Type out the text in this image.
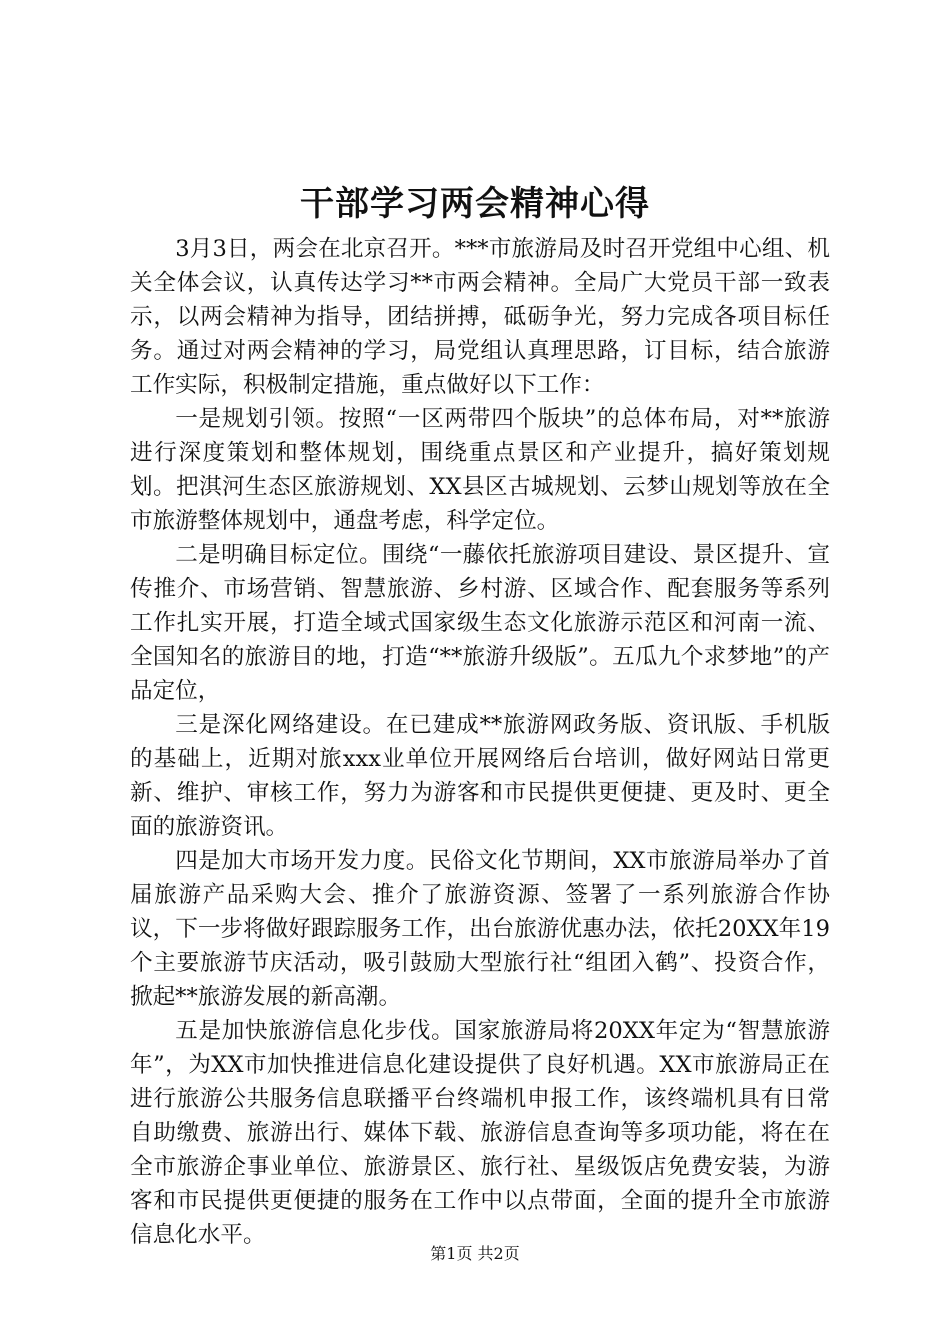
干部学习两会精神心得

3月3日，两会在北京召开。***市旅游局及时召开党组中心组、机关全体会议，认真传达学习**市两会精神。全局广大党员干部一致表示，以两会精神为指导，团结拼搏，砥砺争光，努力完成各项目标任务。通过对两会精神的学习，局党组认真理思路，订目标，结合旅游工作实际，积极制定措施，重点做好以下工作：

一是规划引领。按照“一区两带四个版块”的总体布局，对**旅游进行深度策划和整体规划，围绕重点景区和产业提升，搞好策划规划。把淇河生态区旅游规划、XX县区古城规划、云梦山规划等放在全市旅游整体规划中，通盘考虑，科学定位。

二是明确目标定位。围绕“一藤依托旅游项目建设、景区提升、宣传推介、市场营销、智慧旅游、乡村游、区域合作、配套服务等系列工作扎实开展，打造全域式国家级生态文化旅游示范区和河南一流、全国知名的旅游目的地，打造“**旅游升级版”。五瓜九个求梦地”的产品定位，

三是深化网络建设。在已建成**旅游网政务版、资讯版、手机版的基础上，近期对旅xxx业单位开展网络后台培训，做好网站日常更新、维护、审核工作，努力为游客和市民提供更便捷、更及时、更全面的旅游资讯。

四是加大市场开发力度。民俗文化节期间，XX市旅游局举办了首届旅游产品采购大会、推介了旅游资源、签署了一系列旅游合作协议，下一步将做好跟踪服务工作，出台旅游优惠办法，依托20XX年19个主要旅游节庆活动，吸引鼓励大型旅行社“组团入鹤”、投资合作，掀起**旅游发展的新高潮。

五是加快旅游信息化步伐。国家旅游局将20XX年定为“智慧旅游年”，为XX市加快推进信息化建设提供了良好机遇。XX市旅游局正在进行旅游公共服务信息联播平台终端机申报工作，该终端机具有日常自助缴费、旅游出行、媒体下载、旅游信息查询等多项功能，将在在全市旅游企事业单位、旅游景区、旅行社、星级饭店免费安装，为游客和市民提供更便捷的服务在工作中以点带面，全面的提升全市旅游信息化水平。

第1页 共2页
